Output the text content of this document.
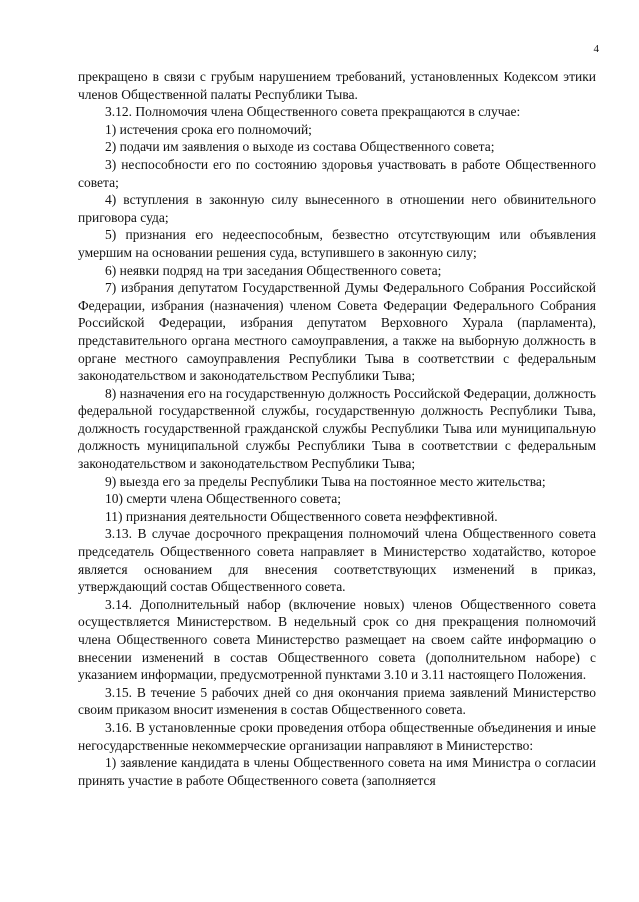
4

прекращено в связи с грубым нарушением требований, установленных Кодексом этики членов Общественной палаты Республики Тыва.

3.12. Полномочия члена Общественного совета прекращаются в случае:

1) истечения срока его полномочий;

2) подачи им заявления о выходе из состава Общественного совета;

3) неспособности его по состоянию здоровья участвовать в работе Общественного совета;

4) вступления в законную силу вынесенного в отношении него обвинительного приговора суда;

5) признания его недееспособным, безвестно отсутствующим или объявления умершим на основании решения суда, вступившего в законную силу;

6) неявки подряд на три заседания Общественного совета;

7) избрания депутатом Государственной Думы Федерального Собрания Российской Федерации, избрания (назначения) членом Совета Федерации Федерального Собрания Российской Федерации, избрания депутатом Верховного Хурала (парламента), представительного органа местного самоуправления, а также на выборную должность в органе местного самоуправления Республики Тыва в соответствии с федеральным законодательством и законодательством Республики Тыва;

8) назначения его на государственную должность Российской Федерации, должность федеральной государственной службы, государственную должность Республики Тыва, должность государственной гражданской службы Республики Тыва или муниципальную должность муниципальной службы Республики Тыва в соответствии с федеральным законодательством и законодательством Республики Тыва;

9) выезда его за пределы Республики Тыва на постоянное место жительства;

10) смерти члена Общественного совета;

11) признания деятельности Общественного совета неэффективной.

3.13. В случае досрочного прекращения полномочий члена Общественного совета председатель Общественного совета направляет в Министерство ходатайство, которое является основанием для внесения соответствующих изменений в приказ, утверждающий состав Общественного совета.

3.14. Дополнительный набор (включение новых) членов Общественного совета осуществляется Министерством. В недельный срок со дня прекращения полномочий члена Общественного совета Министерство размещает на своем сайте информацию о внесении изменений в состав Общественного совета (дополнительном наборе) с указанием информации, предусмотренной пунктами 3.10 и 3.11 настоящего Положения.

3.15. В течение 5 рабочих дней со дня окончания приема заявлений Министерство своим приказом вносит изменения в состав Общественного совета.

3.16. В установленные сроки проведения отбора общественные объединения и иные негосударственные некоммерческие организации направляют в Министерство:

1) заявление кандидата в члены Общественного совета на имя Министра о согласии принять участие в работе Общественного совета (заполняется
